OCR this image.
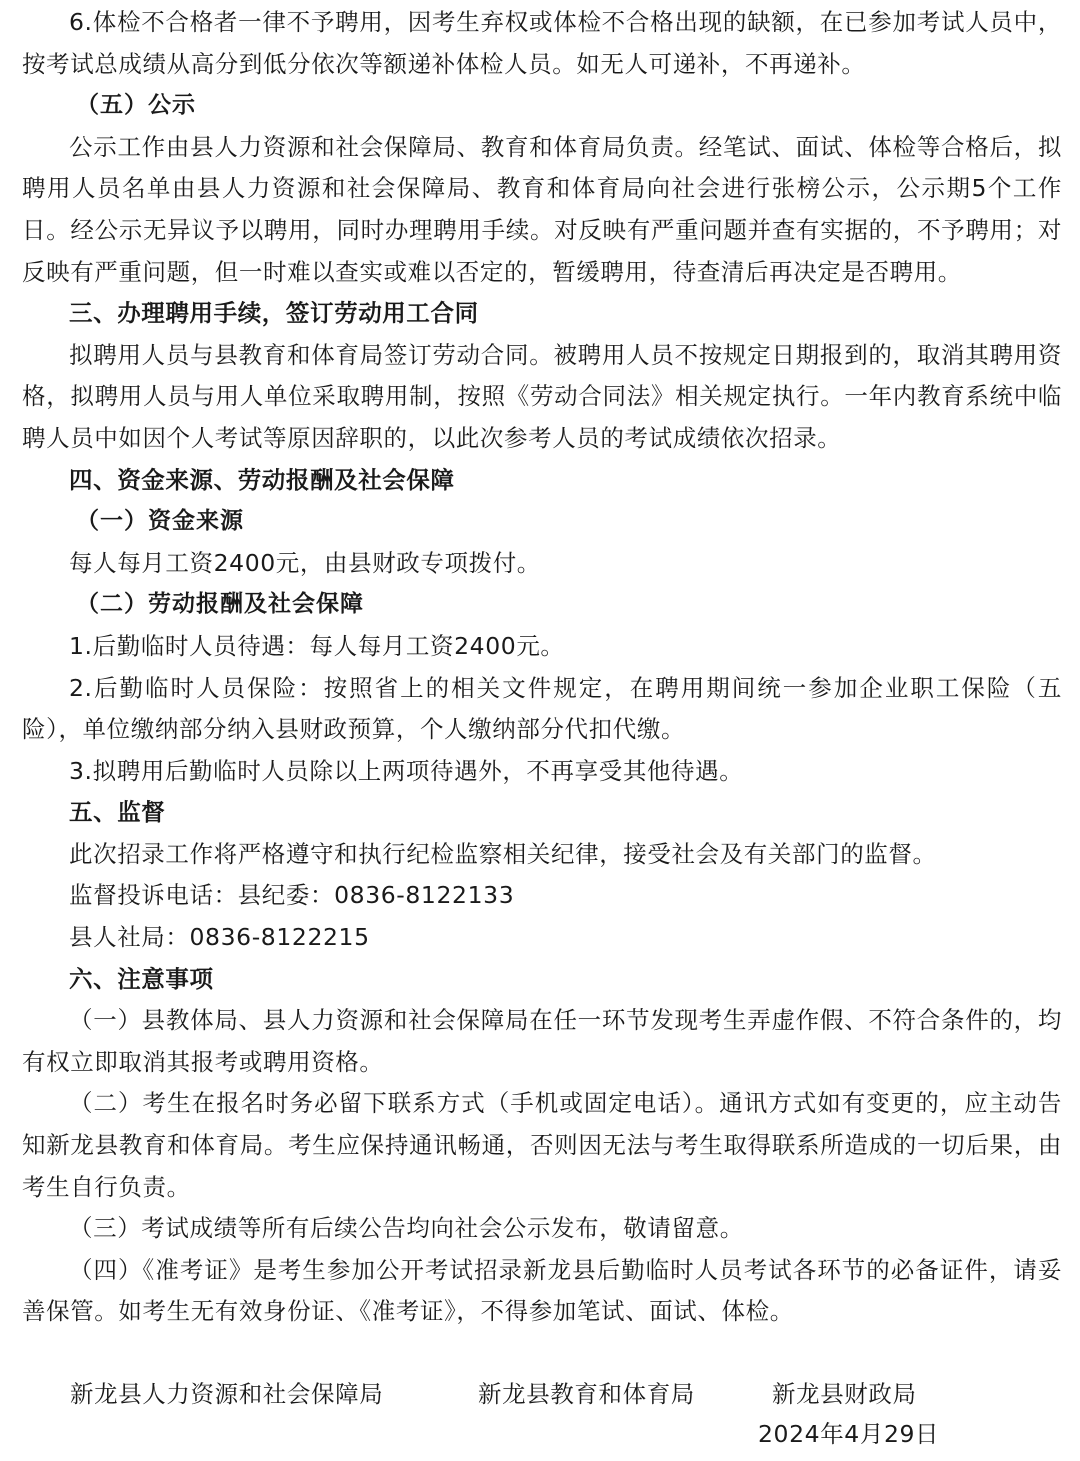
6.体检不合格者一律不予聘用，因考生弃权或体检不合格出现的缺额，在已参加考试人员中，按考试总成绩从高分到低分依次等额递补体检人员。如无人可递补，不再递补。

（五）公示

公示工作由县人力资源和社会保障局、教育和体育局负责。经笔试、面试、体检等合格后，拟聘用人员名单由县人力资源和社会保障局、教育和体育局向社会进行张榜公示，公示期5个工作日。经公示无异议予以聘用，同时办理聘用手续。对反映有严重问题并查有实据的，不予聘用；对反映有严重问题，但一时难以查实或难以否定的，暂缓聘用，待查清后再决定是否聘用。

三、办理聘用手续，签订劳动用工合同

拟聘用人员与县教育和体育局签订劳动合同。被聘用人员不按规定日期报到的，取消其聘用资格，拟聘用人员与用人单位采取聘用制，按照《劳动合同法》相关规定执行。一年内教育系统中临聘人员中如因个人考试等原因辞职的，以此次参考人员的考试成绩依次招录。

四、资金来源、劳动报酬及社会保障

（一）资金来源

每人每月工资2400元，由县财政专项拨付。

（二）劳动报酬及社会保障

1.后勤临时人员待遇：每人每月工资2400元。

2.后勤临时人员保险：按照省上的相关文件规定，在聘用期间统一参加企业职工保险（五险），单位缴纳部分纳入县财政预算，个人缴纳部分代扣代缴。

3.拟聘用后勤临时人员除以上两项待遇外，不再享受其他待遇。

五、监督

此次招录工作将严格遵守和执行纪检监察相关纪律，接受社会及有关部门的监督。

监督投诉电话：县纪委：0836-8122133

县人社局：0836-8122215

六、注意事项

（一）县教体局、县人力资源和社会保障局在任一环节发现考生弄虚作假、不符合条件的，均有权立即取消其报考或聘用资格。

（二）考生在报名时务必留下联系方式（手机或固定电话）。通讯方式如有变更的，应主动告知新龙县教育和体育局。考生应保持通讯畅通，否则因无法与考生取得联系所造成的一切后果，由考生自行负责。

（三）考试成绩等所有后续公告均向社会公示发布，敬请留意。

（四）《准考证》是考生参加公开考试招录新龙县后勤临时人员考试各环节的必备证件，请妥善保管。如考生无有效身份证、《准考证》，不得参加笔试、面试、体检。

新龙县人力资源和社会保障局	新龙县教育和体育局	新龙县财政局
2024年4月29日
